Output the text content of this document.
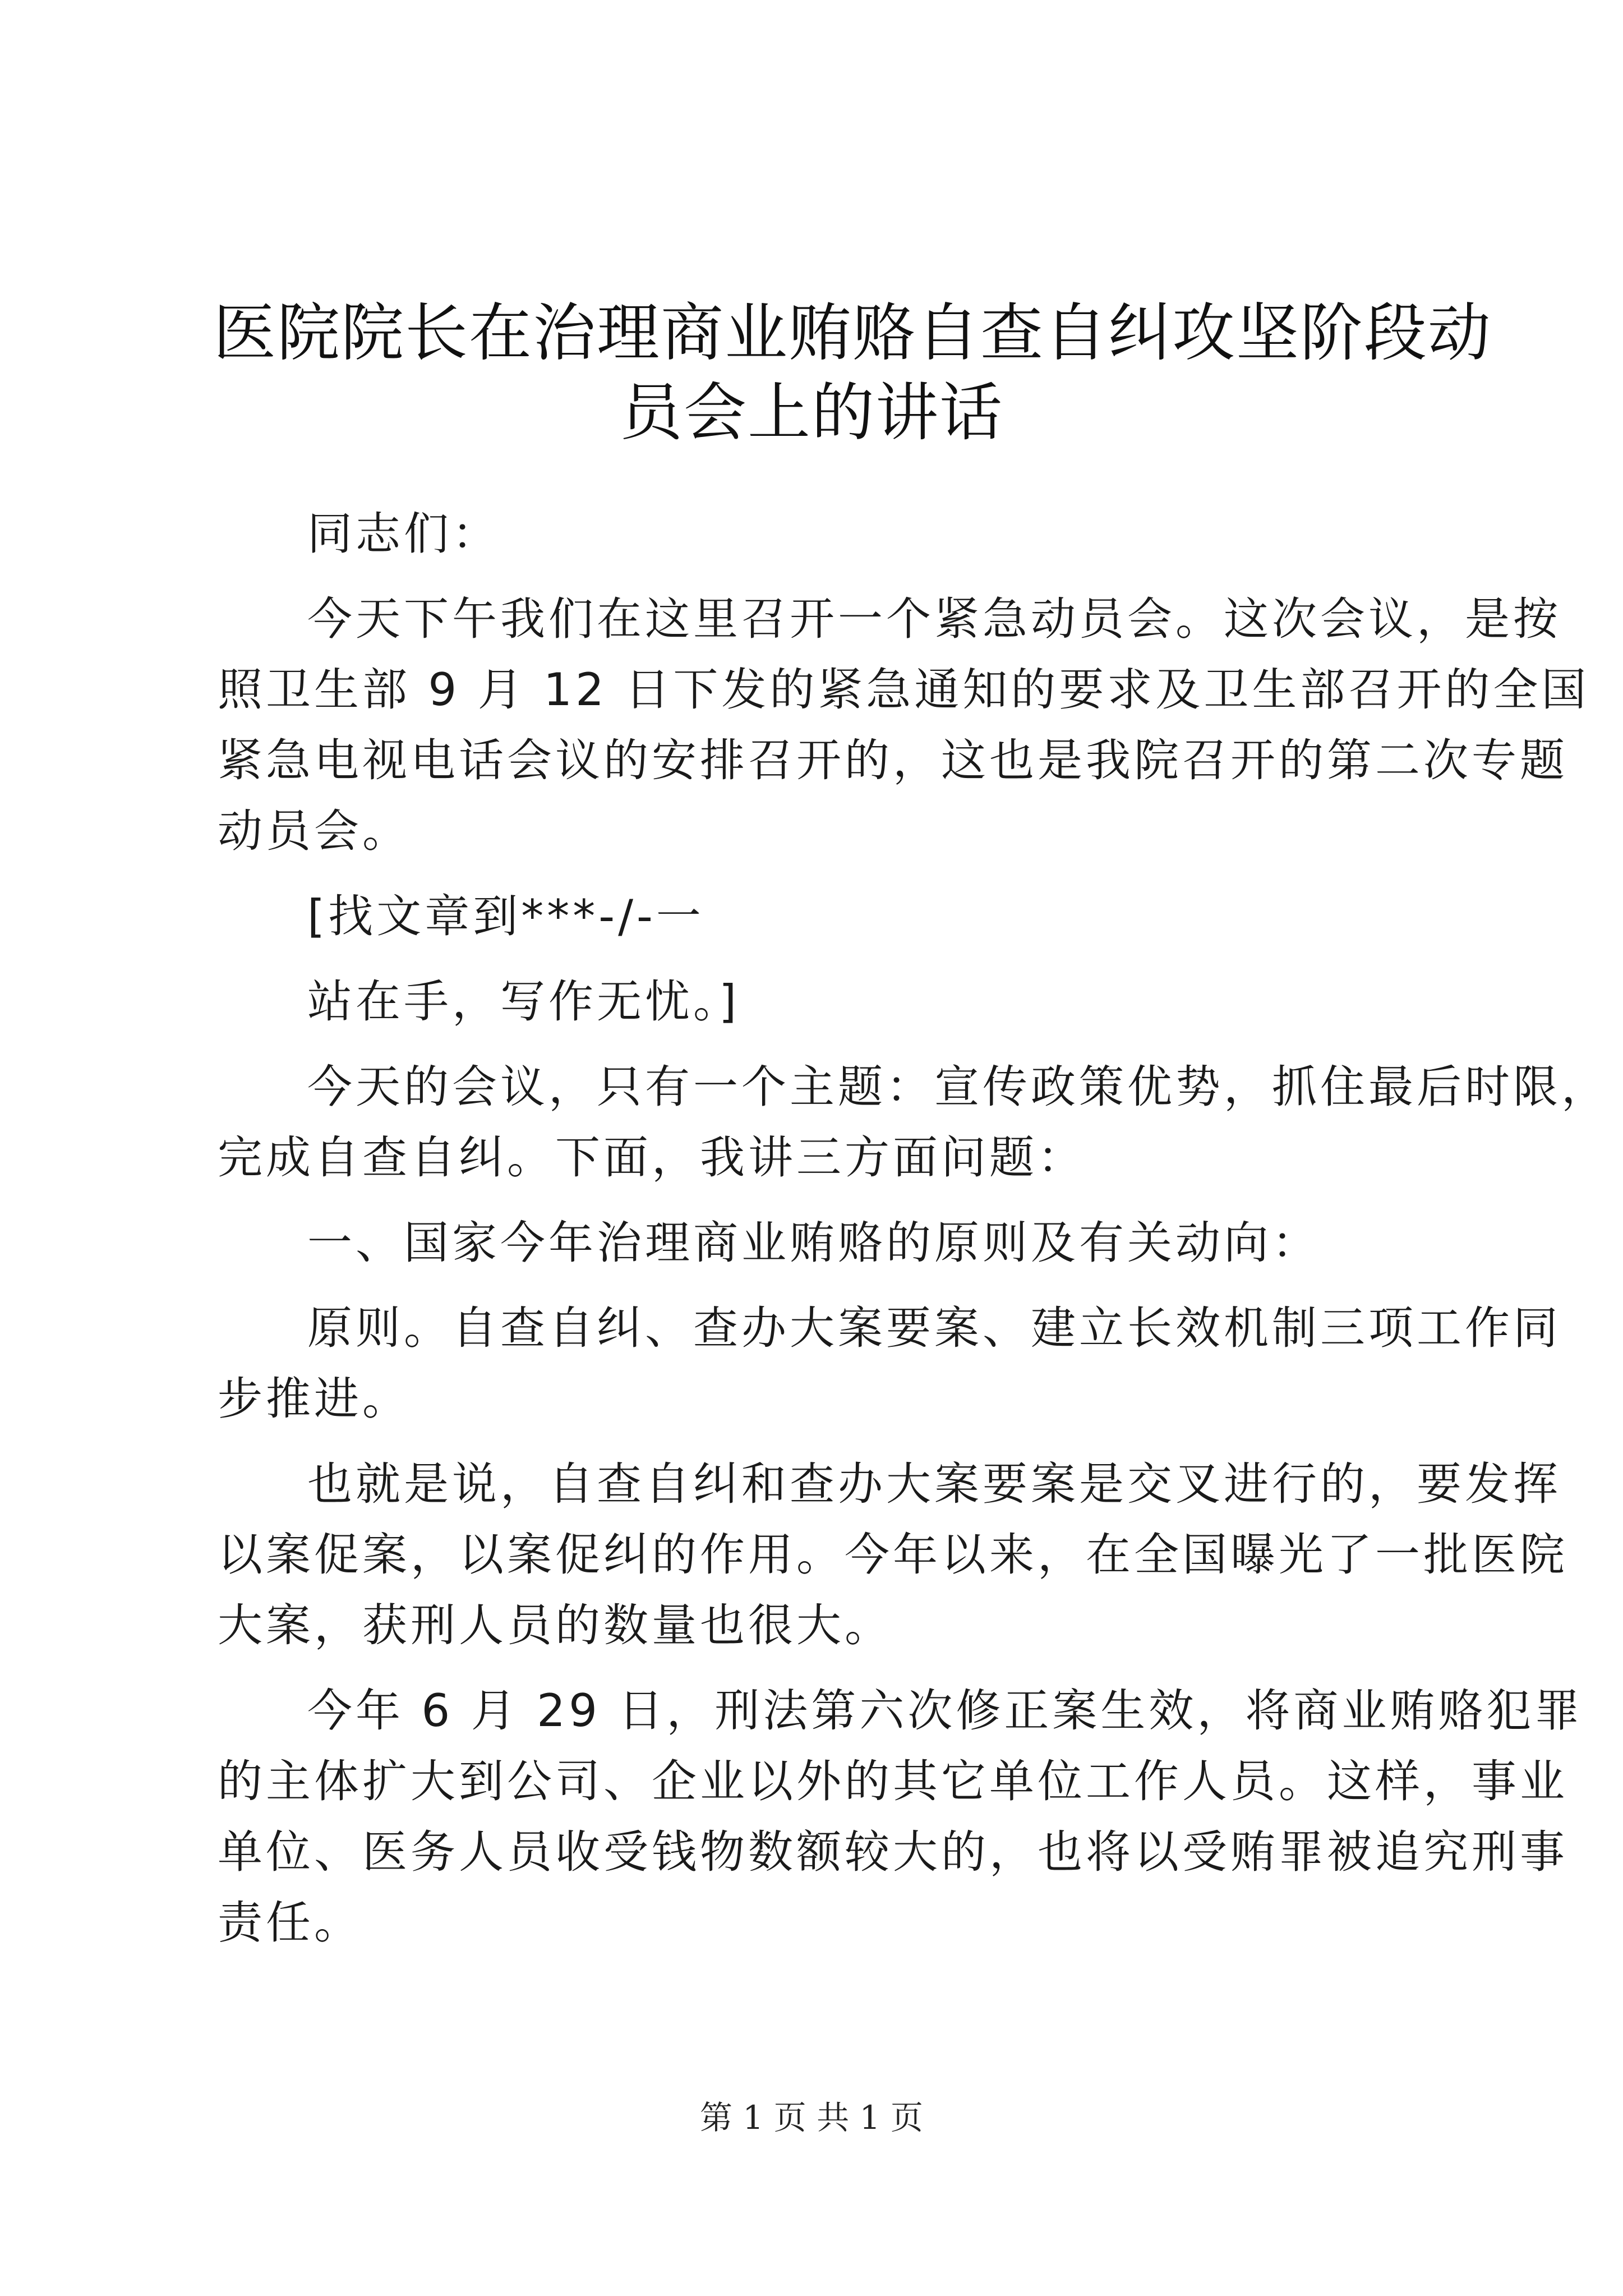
医院院长在治理商业贿赂自查自纠攻坚阶段动
员会上的讲话
同志们：
今天下午我们在这里召开一个紧急动员会。这次会议，是按
照卫生部 9 月 12 日下发的紧急通知的要求及卫生部召开的全国
紧急电视电话会议的安排召开的，这也是我院召开的第二次专题
动员会。
[找文章到***-/-一
站在手，写作无忧。]
今天的会议，只有一个主题：宣传政策优势，抓住最后时限，
完成自查自纠。下面，我讲三方面问题：
一、国家今年治理商业贿赂的原则及有关动向：
原则。自查自纠、查办大案要案、建立长效机制三项工作同
步推进。
也就是说，自查自纠和查办大案要案是交叉进行的，要发挥
以案促案，以案促纠的作用。今年以来，在全国曝光了一批医院
大案，获刑人员的数量也很大。
今年 6 月 29 日，刑法第六次修正案生效，将商业贿赂犯罪
的主体扩大到公司、企业以外的其它单位工作人员。这样，事业
单位、医务人员收受钱物数额较大的，也将以受贿罪被追究刑事
责任。
第 1 页 共 1 页
